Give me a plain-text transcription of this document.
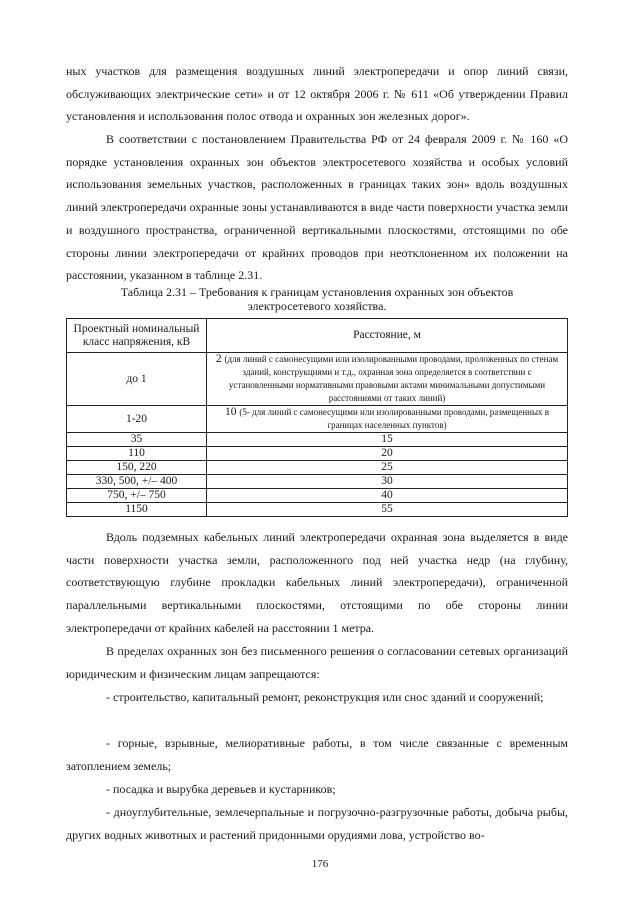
ных участков для размещения воздушных линий электропередачи и опор линий связи, обслуживающих электрические сети» и от 12 октября 2006 г. № 611 «Об утверждении Правил установления и использования полос отвода и охранных зон железных дорог».

В соответствии с постановлением Правительства РФ от 24 февраля 2009 г. № 160 «О порядке установления охранных зон объектов электросетевого хозяйства и особых условий использования земельных участков, расположенных в границах таких зон» вдоль воздушных линий электропередачи охранные зоны устанавливаются в виде части поверхности участка земли и воздушного пространства, ограниченной вертикальными плоскостями, отстоящими по обе стороны линии электропередачи от крайних проводов при неотклоненном их положении на расстоянии, указанном в таблице 2.31.

Таблица 2.31 – Требования к границам установления охранных зон объектов
электросетевого хозяйства.
Проектный номинальный класс напряжения, кВ	Расстояние, м
до 1	2 (для линий с самонесущими или изолированными проводами, проложенных по стенам зданий, конструкциями и т.д., охранная зона определяется в соответствии с установленными нормативными правовыми актами минимальными допустимыми расстояниями от таких линий)
1-20	10 (5- для линий с самонесущими или изолированными проводами, размещенных в границах населенных пунктов)
35	15
110	20
150, 220	25
330, 500, +/– 400	30
750, +/– 750	40
1150	55

Вдоль подземных кабельных линий электропередачи охранная зона выделяется в виде части поверхности участка земли, расположенного под ней участка недр (на глубину, соответствующую глубине прокладки кабельных линий электропередачи), ограниченной параллельными вертикальными плоскостями, отстоящими по обе стороны линии электропередачи от крайних кабелей на расстоянии 1 метра.

В пределах охранных зон без письменного решения о согласовании сетевых организаций юридическим и физическим лицам запрещаются:

- строительство, капитальный ремонт, реконструкция или снос зданий и сооружений;

- горные, взрывные, мелиоративные работы, в том числе связанные с временным затоплением земель;

- посадка и вырубка деревьев и кустарников;

- дноуглубительные, землечерпальные и погрузочно-разгрузочные работы, добыча рыбы, других водных животных и растений придонными орудиями лова, устройство во-

176
